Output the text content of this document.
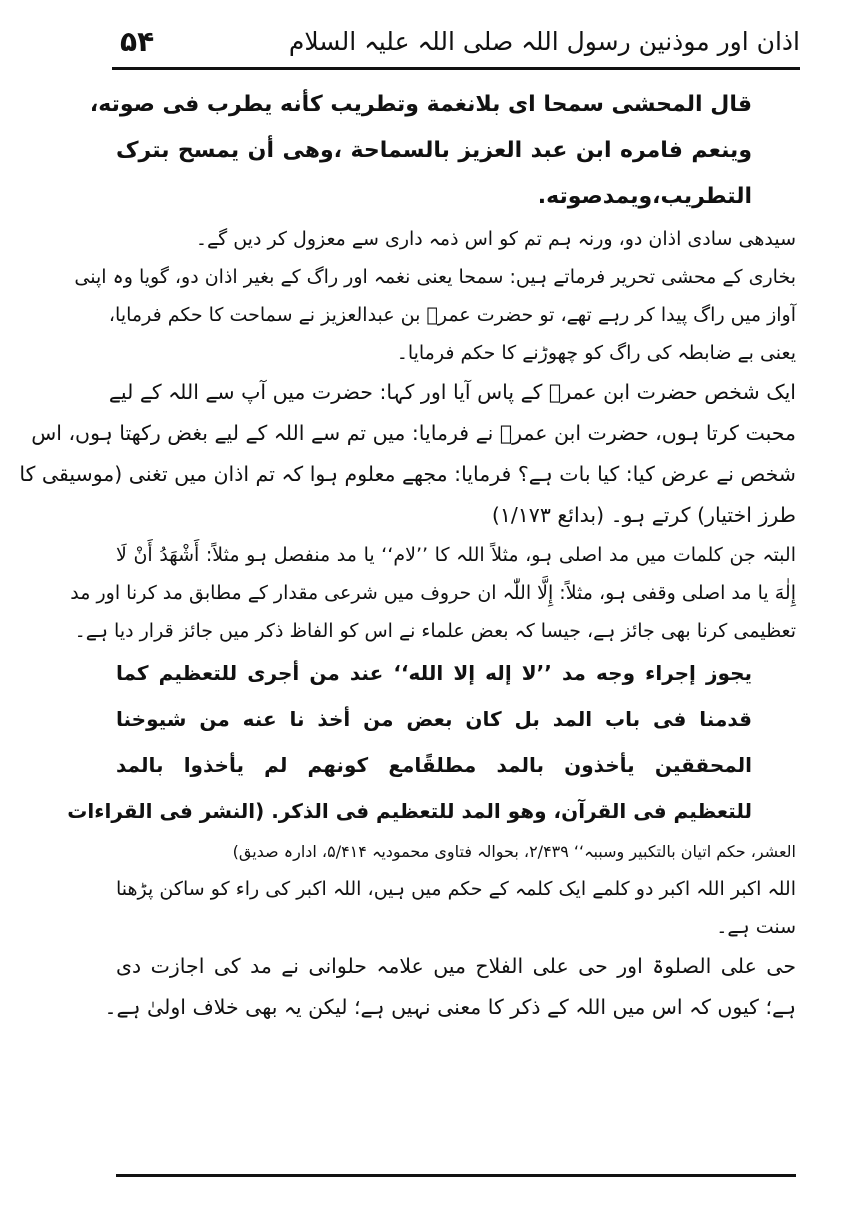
۵۴	اذان اور موذنین رسول اللہ صلی اللہ علیہ السلام
قال المحشی سمحا ای بلانغمة وتطریب کأنه یطرب فی صوته،
وینعم فامره ابن عبد العزیز بالسماحة ،وهی أن یمسح بترک
التطریب،ویمدصوته.
سیدھی سادی اذان دو، ورنہ ہم تم کو اس ذمہ داری سے معزول کر دیں گے۔
بخاری کے محشی تحریر فرماتے ہیں: سمحا یعنی نغمہ اور راگ کے بغیر اذان دو، گویا وہ اپنی
آواز میں راگ پیدا کر رہے تھے، تو حضرت عمرؓ بن عبدالعزیز نے سماحت کا حکم فرمایا،
یعنی بے ضابطہ کی راگ کو چھوڑنے کا حکم فرمایا۔
ایک شخص حضرت ابن عمرؓ کے پاس آیا اور کہا: حضرت میں آپ سے اللہ کے لیے
محبت کرتا ہوں، حضرت ابن عمرؓ نے فرمایا: میں تم سے اللہ کے لیے بغض رکھتا ہوں، اس
شخص نے عرض کیا: کیا بات ہے؟ فرمایا: مجھے معلوم ہوا کہ تم اذان میں تغنی (موسیقی کا
طرز اختیار) کرتے ہو۔ (بدائع ۱/۱۷۳)
البتہ جن کلمات میں مد اصلی ہو، مثلاً اللہ کا ’’لام‘‘ یا مد منفصل ہو مثلاً: أَشْهَدُ أَنْ لَا
إِلٰهَ یا مد اصلی وقفی ہو، مثلاً: إِلَّا اللّٰہ ان حروف میں شرعی مقدار کے مطابق مد کرنا اور مد
تعظیمی کرنا بھی جائز ہے، جیسا کہ بعض علماء نے اس کو الفاظ ذکر میں جائز قرار دیا ہے۔
یجوز إجراء وجه مد ’’لا إله إلا الله‘‘ عند من أجری للتعظیم کما
قدمنا فی باب المد بل کان بعض من أخذ نا عنه من شیوخنا
المحققین یأخذون بالمد مطلقًامع کونهم لم یأخذوا بالمد
للتعظیم فی القرآن، وهو المد للتعظیم فی الذکر. (النشر فی القراءات
العشر، حکم اتیان بالتکبیر وسببہ‘‘ ۲/۴۳۹، بحوالہ فتاوی محمودیہ ۵/۴۱۴، ادارہ صدیق)
اللہ اکبر اللہ اکبر دو کلمے ایک کلمہ کے حکم میں ہیں، اللہ اکبر کی راء کو ساکن پڑھنا
سنت ہے۔
حی علی الصلوۃ اور حی علی الفلاح میں علامہ حلوانی نے مد کی اجازت دی
ہے؛ کیوں کہ اس میں اللہ کے ذکر کا معنی نہیں ہے؛ لیکن یہ بھی خلاف اولیٰ ہے۔
